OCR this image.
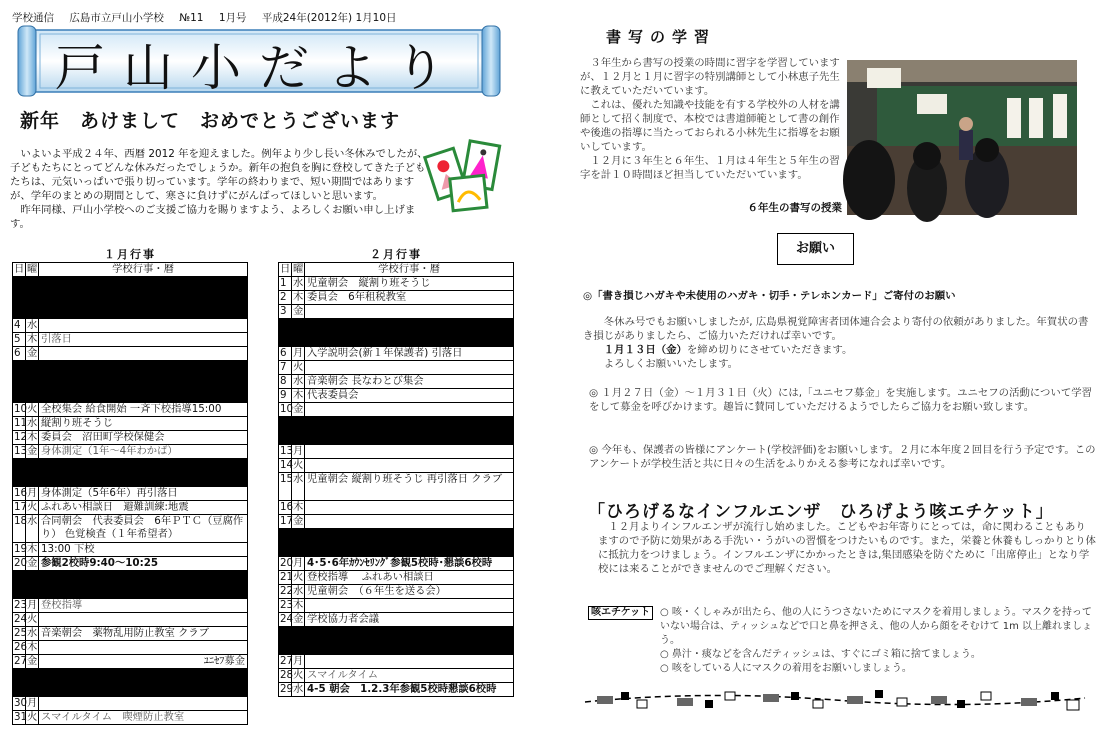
学校通信 広島市立戸山小学校 №11 1月号 平成24年(2012年) 1月10日
戸山小だより
新年　あけまして　おめでとうございます

いよいよ平成２４年、西暦 2012 年を迎えました。例年より少し長い冬休みでしたが、子どもたちにとってどんな休みだったでしょうか。新年の抱負を胸に登校してきた子どもたちは、元気いっぱいで張り切っています。学年の終わりまで、短い期間ではありますが、学年のまとめの期間として、寒さに負けずにがんばってほしいと思います。

昨年同様、戸山小学校へのご支援ご協力を賜りますよう、よろしくお願い申し上げます。

１月行事
日	曜	学校行事・暦

4	水	
5	木	引落日
6	金	

10	火	全校集会 給食開始 一斉下校指導15:00
11	水	縦割り班そうじ
12	木	委員会　沼田町学校保健会
13	金	身体測定（1年～4年わかば）

16	月	身体測定（5年6年）再引落日
17	火	ふれあい相談日　避難訓練:地震
18	水	合同朝会　代表委員会　6年ＰＴＣ（豆腐作り） 色覚検査（１年希望者）
19	木	13:00 下校
20	金	参観2校時9:40～10:25

23	月	登校指導
24	火	
25	水	音楽朝会　薬物乱用防止教室 クラブ
26	木	
27	金	ﾕﾆｾﾌ募金

30	月	
31	火	スマイルタイム　喫煙防止教室
２月行事
日	曜	学校行事・暦
1	水	児童朝会　縦割り班そうじ
2	木	委員会　6年租税教室
3	金	

6	月	入学説明会(新１年保護者) 引落日
7	火	
8	水	音楽朝会 長なわとび集会
9	木	代表委員会
10	金	

13	月	
14	火	
15	水	児童朝会 縦割り班そうじ 再引落日 クラブ
16	木	
17	金	

20	月	4･5･6年ｶｳﾝｾﾘﾝｸﾞ参観5校時･懇談6校時
21	火	登校指導　 ふれあい相談日
22	水	児童朝会　（６年生を送る会）
23	木	
24	金	学校協力者会議

27	月	
28	火	スマイルタイム
29	水	4-5 朝会　1.2.3年参観5校時懇談6校時
書写の学習

３年生から書写の授業の時間に習字を学習していますが、１２月と１月に習字の特別講師として小林恵子先生に教えていただいています。

これは、優れた知識や技能を有する学校外の人材を講師として招く制度で、本校では書道師範として書の創作や後進の指導に当たっておられる小林先生に指導をお願いしています。

１２月に３年生と６年生、１月は４年生と５年生の習字を計１０時間ほど担当していただいています。

６年生の書写の授業
お願い

◎「書き損じハガキや未使用のハガキ・切手・テレホンカード」ご寄付のお願い

冬休み号でもお願いしましたが, 広島県視覚障害者団体連合会より寄付の依頼がありました。年賀状の書き損じがありましたら、ご協力いただければ幸いです。

１月１３日（金）を締め切りにさせていただきます。

よろしくお願いいたします。

◎ １月２７日（金）～１月３１日（火）には,「ユニセフ募金」を実施します。ユニセフの活動について学習をして募金を呼びかけます。趣旨に賛同していただけるようでしたらご協力をお願い致します。
◎ 今年も、保護者の皆様にアンケート(学校評価)をお願いします。２月に本年度２回目を行う予定です。このアンケートが学校生活と共に日々の生活をふりかえる参考になれば幸いです。
「ひろげるなインフルエンザ　ひろげよう咳エチケット」

１２月よりインフルエンザが流行し始めました。こどもやお年寄りにとっては，命に関わることもありますので予防に効果がある手洗い・うがいの習慣をつけたいものです。また，栄養と休養もしっかりとり体に抵抗力をつけましょう。インフルエンザにかかったときは,集団感染を防ぐために「出席停止」となり学校には来ることができませんのでご理解ください。

咳エチケット ○ 咳・くしゃみが出たら、他の人にうつさないためにマスクを着用しましょう。マスクを持っていない場合は、ティッシュなどで口と鼻を押さえ、他の人から顔をそむけて 1m 以上離れましょう。

○ 鼻汁・痰などを含んだティッシュは、すぐにゴミ箱に捨てましょう。

○ 咳をしている人にマスクの着用をお願いしましょう。
